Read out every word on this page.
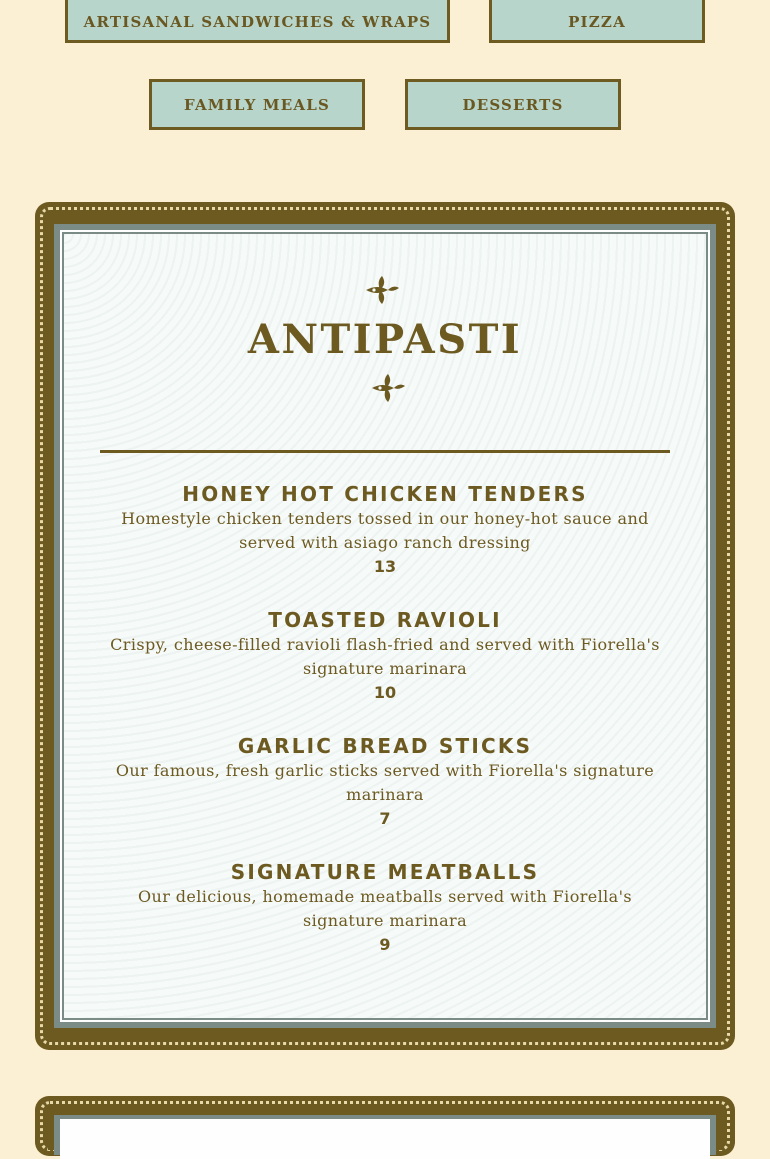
ARTISANAL SANDWICHES & WRAPS	PIZZA
FAMILY MEALS	DESSERTS
ANTIPASTI
HONEY HOT CHICKEN TENDERS
Homestyle chicken tenders tossed in our honey-hot sauce and served with asiago ranch dressing
13
TOASTED RAVIOLI
Crispy, cheese-filled ravioli flash-fried and served with Fiorella's signature marinara
10
GARLIC BREAD STICKS
Our famous, fresh garlic sticks served with Fiorella's signature marinara
7
SIGNATURE MEATBALLS
Our delicious, homemade meatballs served with Fiorella's signature marinara
9
